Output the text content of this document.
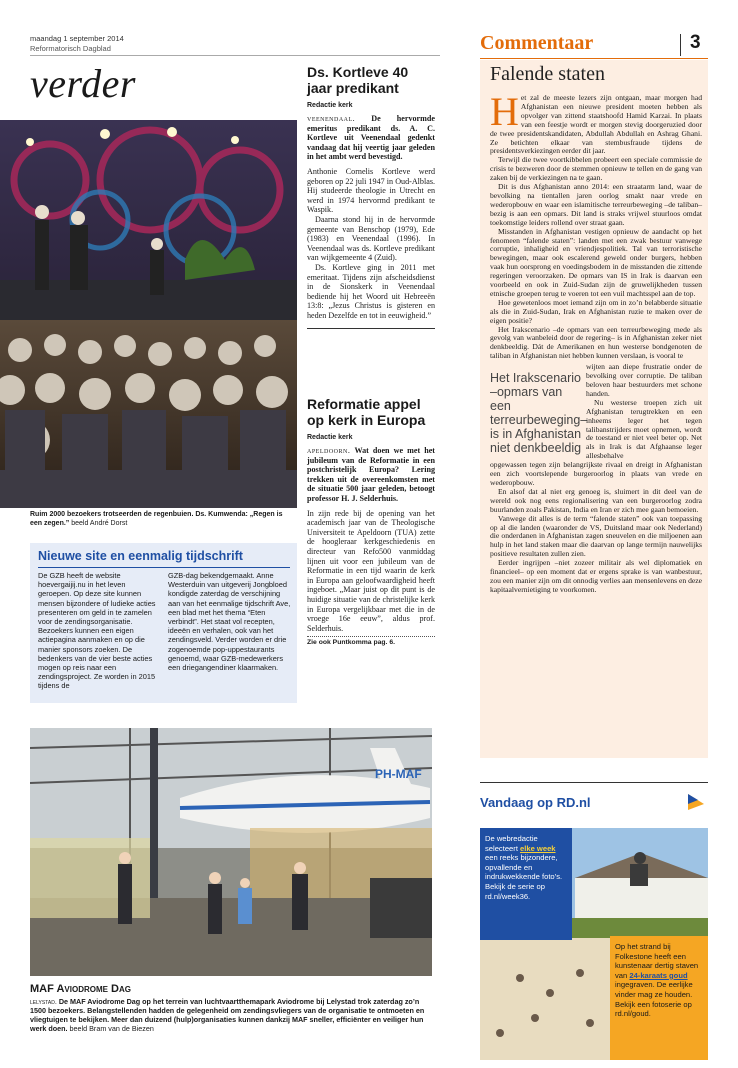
maandag 1 september 2014
Reformatorisch Dagblad
verder
Commentaar	3
Ruim 2000 bezoekers trotseerden de regenbuien. Ds. Kumwenda: „Regen is een zegen.” beeld André Dorst
Nieuwe site en eenmalig tijdschrift
De GZB heeft de website hoevergaijij.nu in het leven geroepen. Op deze site kunnen mensen bijzondere of ludieke acties presenteren om geld in te zamelen voor de zendingsorganisatie. Bezoekers kunnen een eigen actiepagina aanmaken en op die manier sponsors zoeken. De bedenkers van de vier beste acties mogen op reis naar een zendingsproject. Ze worden in 2015 tijdens de
GZB-dag bekendgemaakt. Anne Westerduin van uitgeverij Jongbloed kondigde zaterdag de verschijning aan van het eenmalige tijdschrift Ave, een blad met het thema “Eten verbindt”. Het staat vol recepten, ideeën en verhalen, ook van het zendingsveld. Verder worden er drie zogenoemde pop-upрestaurants genoemd, waar GZB-medewerkers een driegangendiner klaarmaken.
Ds. Kortleve 40 jaar predikant
Redactie kerk

veenendaal. De hervormde emeritus predikant ds. A. C. Kortleve uit Veenendaal gedenkt vandaag dat hij veertig jaar geleden in het ambt werd bevestigd.

Anthonie Cornelis Kortleve werd geboren op 22 juli 1947 in Oud-Alblas. Hij studeerde theologie in Utrecht en werd in 1974 hervormd predikant te Waspik.

Daarna stond hij in de hervormde gemeente van Benschop (1979), Ede (1983) en Veenendaal (1996). In Veenendaal was ds. Kortleve predikant van wijkgemeente 4 (Zuid).

Ds. Kortleve ging in 2011 met emeritaat. Tijdens zijn afscheidsdienst in de Sionskerk in Veenendaal bediende hij het Woord uit Hebreeën 13:8: „Jezus Christus is gisteren en heden Dezelfde en tot in eeuwigheid.”

Reformatie appel op kerk in Europa
Redactie kerk

apeldoorn. Wat doen we met het jubileum van de Reformatie in een postchristelijk Europa? Lering trekken uit de overeenkomsten met de situatie 500 jaar geleden, betoogt professor H. J. Selderhuis.

In zijn rede bij de opening van het academisch jaar van de Theologische Universiteit te Apeldoorn (TUA) zette de hoogleraar kerkgeschiedenis en directeur van Refo500 vanmiddag lijnen uit voor een jubileum van de Reformatie in een tijd waarin de kerk in Europa aan geloofwaardigheid heeft ingeboet. „Maar juist op dit punt is de huidige situatie van de christelijke kerk in Europa vergelijkbaar met die in de vroege 16e eeuw”, aldus prof. Selderhuis.

Zie ook Puntkomma pag. 6.
Falende staten

Het zal de meeste lezers zijn ontgaan, maar morgen had Afghanistan een nieuwe president moeten hebben als opvolger van zittend staatshoofd Hamid Karzai. In plaats van een feestje wordt er morgen stevig doorgeruzied door de twee presidentskandidaten, Abdullah Abdullah en Ashrag Ghani. Ze betichten elkaar van stembusfraude tijdens de presidentsverkiezingen eerder dit jaar.

Terwijl die twee voortkibbelen probeert een speciale commissie de crisis te bezweren door de stemmen opnieuw te tellen en de gang van zaken bij de verkiezingen na te gaan.

Dit is dus Afghanistan anno 2014: een straatarm land, waar de bevolking na tientallen jaren oorlog smakt naar vrede en wederopbouw en waar een islamitische terreurbeweging –de taliban– bezig is aan een opmars. Dit land is straks vrijwel stuurloos omdat toekomstige leiders rollend over straat gaan.

Misstanden in Afghanistan vestigen opnieuw de aandacht op het fenomeen “falende staten”: landen met een zwak bestuur vanwege corruptie, inhaligheid en vriendjespolitiek. Tal van terroristische bewegingen, maar ook escalerend geweld onder burgers, hebben vaak hun oorsprong en voedingsbodem in de misstanden die zittende regeringen veroorzaken. De opmars van IS in Irak is daarvan een voorbeeld en ook in Zuid-Sudan zijn de gruwelijkheden tussen etnische groepen terug te voeren tot een vuil machtsspel aan de top.

Hoe gewetenloos moet iemand zijn om in zo’n belabberde situatie als die in Zuid-Sudan, Irak en Afghanistan ruzie te maken over de eigen positie?

Het Irakscenario –de opmars van een terreurbeweging mede als gevolg van wanbeleid door de regering– is in Afghanistan zeker niet denkbeeldig. Dát de Amerikanen en hun westerse bondgenoten de taliban in Afghanistan niet hebben kunnen verslaan, is vooral te

Het Irakscenario –opmars van een terreurbeweging– is in Afghanistan niet denkbeeldig

wijten aan diepe frustratie onder de bevolking over corruptie. De taliban beloven haar bestuurders met schone handen.

Nu westerse troepen zich uit Afghanistan terugtrekken en een inheems leger het tegen talibanstrijders moet opnemen, wordt de toestand er niet veel beter op. Net als in Irak is dat Afghaanse leger allesbehalve

opgewassen tegen zijn belangrijkste rivaal en dreigt in Afghanistan een zich voortslepende burgeroorlog in plaats van vrede en wederopbouw.

En alsof dat al niet erg genoeg is, sluimert in dit deel van de wereld ook nog eens regionalisering van een burgeroorlog zodra buurlanden zoals Pakistan, India en Iran er zich mee gaan bemoeien.

Vanwege dit alles is de term “falende staten” ook van toepassing op al die landen (waaronder de VS, Duitsland maar ook Nederland) die onderdanen in Afghanistan zagen sneuvelen en die miljoenen aan hulp in het land staken maar die daarvan op lange termijn nauwelijks positieve resultaten zullen zien.

Eerder ingrijpen –niet zozeer militair als wel diplomatiek en financieel– op een moment dat er ergens sprake is van wanbestuur, zou een manier zijn om dit onnodig verlies aan mensenlevens en deze kapitaalvernietiging te voorkomen.

PH-MAF
MAF Aviodrome Dag
lelystad. De MAF Aviodrome Dag op het terrein van luchtvaartthemapark Aviodrome bij Lelystad trok zaterdag zo’n 1500 bezoekers. Belangstellenden hadden de gelegenheid om zendingsvliegers van de organisatie te ontmoeten en vliegtuigen te bekijken. Meer dan duizend (hulp)organisaties kunnen dankzij MAF sneller, efficiënter en veiliger hun werk doen. beeld Bram van de Biezen
Vandaag op RD.nl
De webredactie selecteert elke week een reeks bijzondere, opvallende en indrukwekkende foto’s. Bekijk de serie op rd.nl/week36.
Op het strand bij Folkestone heeft een kunstenaar dertig staven van 24-karaats goud ingegraven. De eerlijke vinder mag ze houden. Bekijk een fotoserie op rd.nl/goud.
